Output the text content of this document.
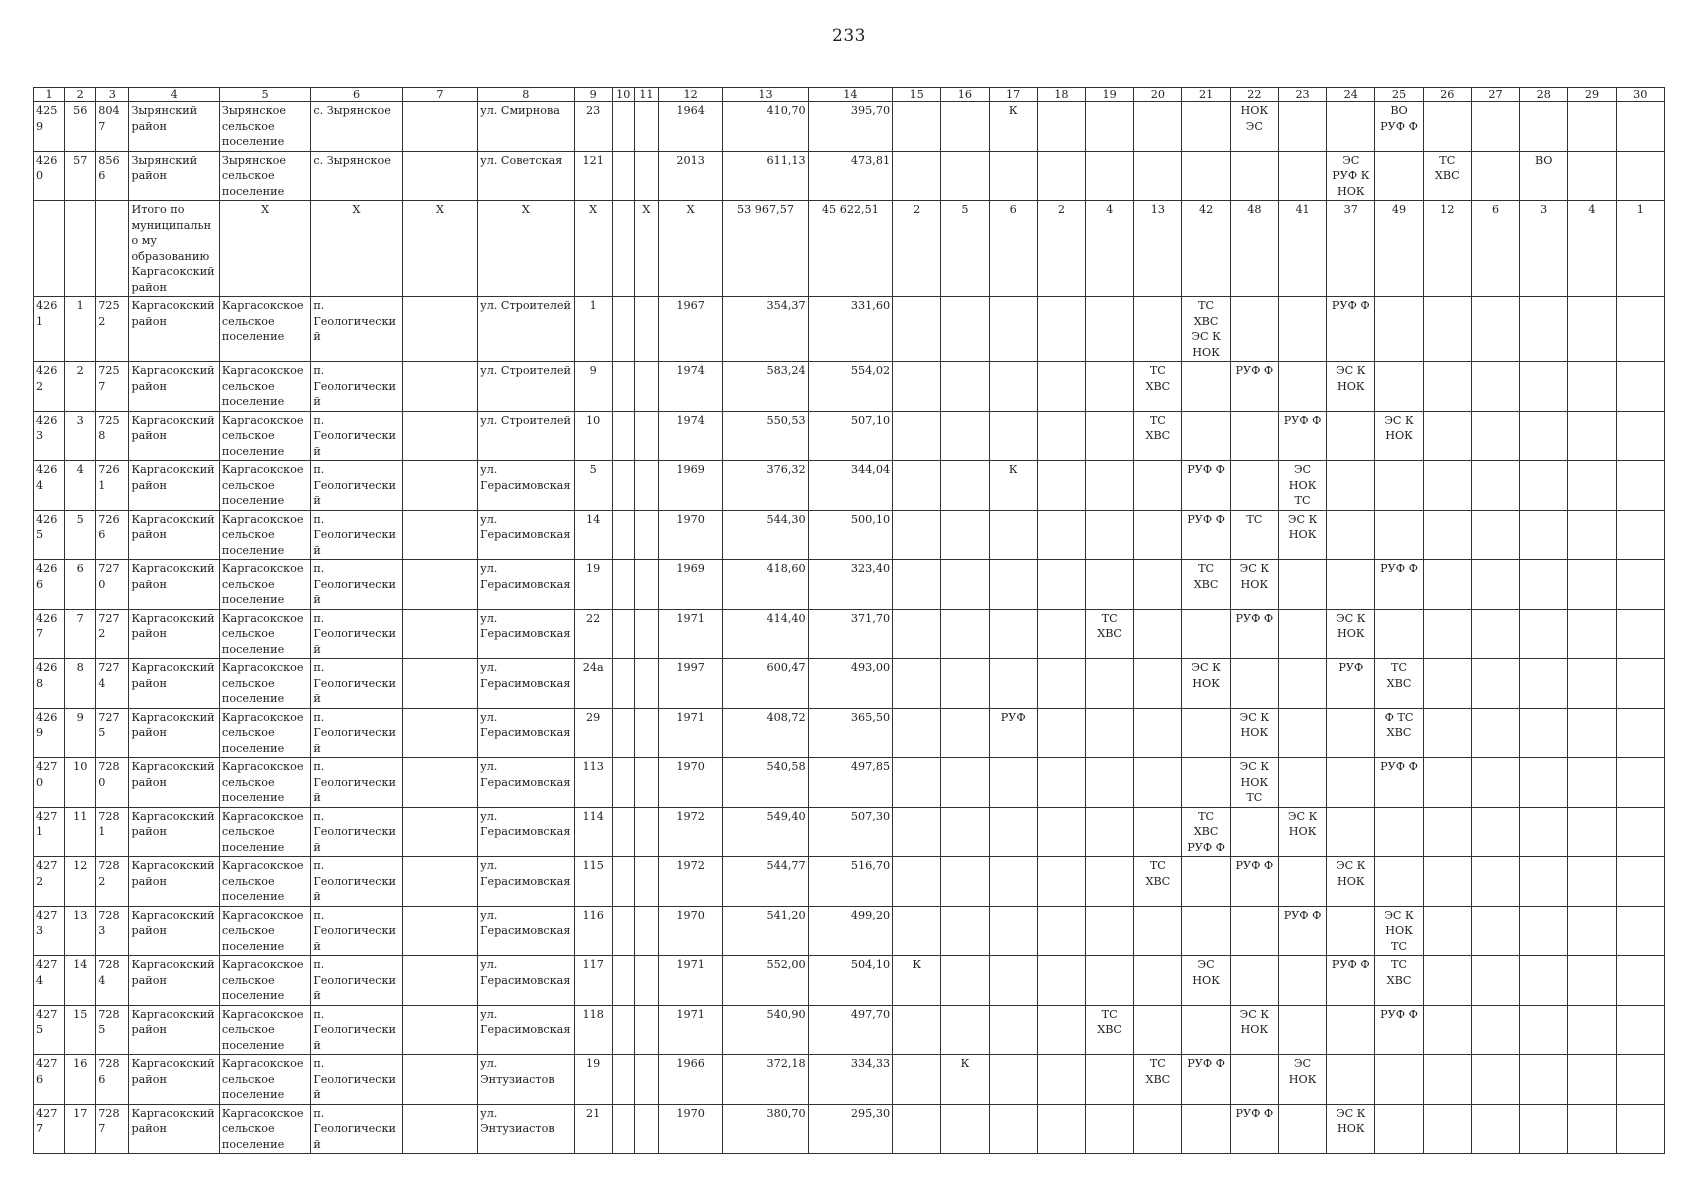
233
1	2	3	4	5	6	7	8	9	10	11	12	13	14	15	16	17	18	19	20	21	22	23	24	25	26	27	28	29	30
4259	56	8047	Зырянский район	Зырянское сельское поселение	с. Зырянское		ул. Смирнова	23			1964	410,70	395,70			К					НОК ЭС			ВО РУФ Ф					
4260	57	8566	Зырянский район	Зырянское сельское поселение	с. Зырянское		ул. Советская	121			2013	611,13	473,81										ЭС РУФ К НОК		ТС ХВС		ВО		
			Итого по муниципально му образованию Каргасокский район	Х	Х	Х	Х	Х		Х	Х	53 967,57	45 622,51	2	5	6	2	4	13	42	48	41	37	49	12	6	3	4	1
4261	1	7252	Каргасокский район	Каргасокское сельское поселение	п. Геологический		ул. Строителей	1			1967	354,37	331,60							ТС ХВС ЭС К НОК			РУФ Ф						
4262	2	7257	Каргасокский район	Каргасокское сельское поселение	п. Геологический		ул. Строителей	9			1974	583,24	554,02						ТС ХВС		РУФ Ф		ЭС К НОК						
4263	3	7258	Каргасокский район	Каргасокское сельское поселение	п. Геологический		ул. Строителей	10			1974	550,53	507,10						ТС ХВС			РУФ Ф		ЭС К НОК					
4264	4	7261	Каргасокский район	Каргасокское сельское поселение	п. Геологический		ул. Герасимовская	5			1969	376,32	344,04			К				РУФ Ф		ЭС НОК ТС							
4265	5	7266	Каргасокский район	Каргасокское сельское поселение	п. Геологический		ул. Герасимовская	14			1970	544,30	500,10							РУФ Ф	ТС	ЭС К НОК							
4266	6	7270	Каргасокский район	Каргасокское сельское поселение	п. Геологический		ул. Герасимовская	19			1969	418,60	323,40							ТС ХВС	ЭС К НОК			РУФ Ф					
4267	7	7272	Каргасокский район	Каргасокское сельское поселение	п. Геологический		ул. Герасимовская	22			1971	414,40	371,70					ТС ХВС			РУФ Ф		ЭС К НОК						
4268	8	7274	Каргасокский район	Каргасокское сельское поселение	п. Геологический		ул. Герасимовская	24а			1997	600,47	493,00							ЭС К НОК			РУФ	ТС ХВС					
4269	9	7275	Каргасокский район	Каргасокское сельское поселение	п. Геологический		ул. Герасимовская	29			1971	408,72	365,50			РУФ					ЭС К НОК			Ф ТС ХВС					
4270	10	7280	Каргасокский район	Каргасокское сельское поселение	п. Геологический		ул. Герасимовская	113			1970	540,58	497,85								ЭС К НОК ТС			РУФ Ф					
4271	11	7281	Каргасокский район	Каргасокское сельское поселение	п. Геологический		ул. Герасимовская	114			1972	549,40	507,30							ТС ХВС РУФ Ф		ЭС К НОК							
4272	12	7282	Каргасокский район	Каргасокское сельское поселение	п. Геологический		ул. Герасимовская	115			1972	544,77	516,70						ТС ХВС		РУФ Ф		ЭС К НОК						
4273	13	7283	Каргасокский район	Каргасокское сельское поселение	п. Геологический		ул. Герасимовская	116			1970	541,20	499,20									РУФ Ф		ЭС К НОК ТС					
4274	14	7284	Каргасокский район	Каргасокское сельское поселение	п. Геологический		ул. Герасимовская	117			1971	552,00	504,10	К						ЭС НОК			РУФ Ф	ТС ХВС					
4275	15	7285	Каргасокский район	Каргасокское сельское поселение	п. Геологический		ул. Герасимовская	118			1971	540,90	497,70					ТС ХВС			ЭС К НОК			РУФ Ф					
4276	16	7286	Каргасокский район	Каргасокское сельское поселение	п. Геологический		ул. Энтузиастов	19			1966	372,18	334,33		К				ТС ХВС	РУФ Ф		ЭС НОК							
4277	17	7287	Каргасокский район	Каргасокское сельское поселение	п. Геологический		ул. Энтузиастов	21			1970	380,70	295,30								РУФ Ф		ЭС К НОК						
